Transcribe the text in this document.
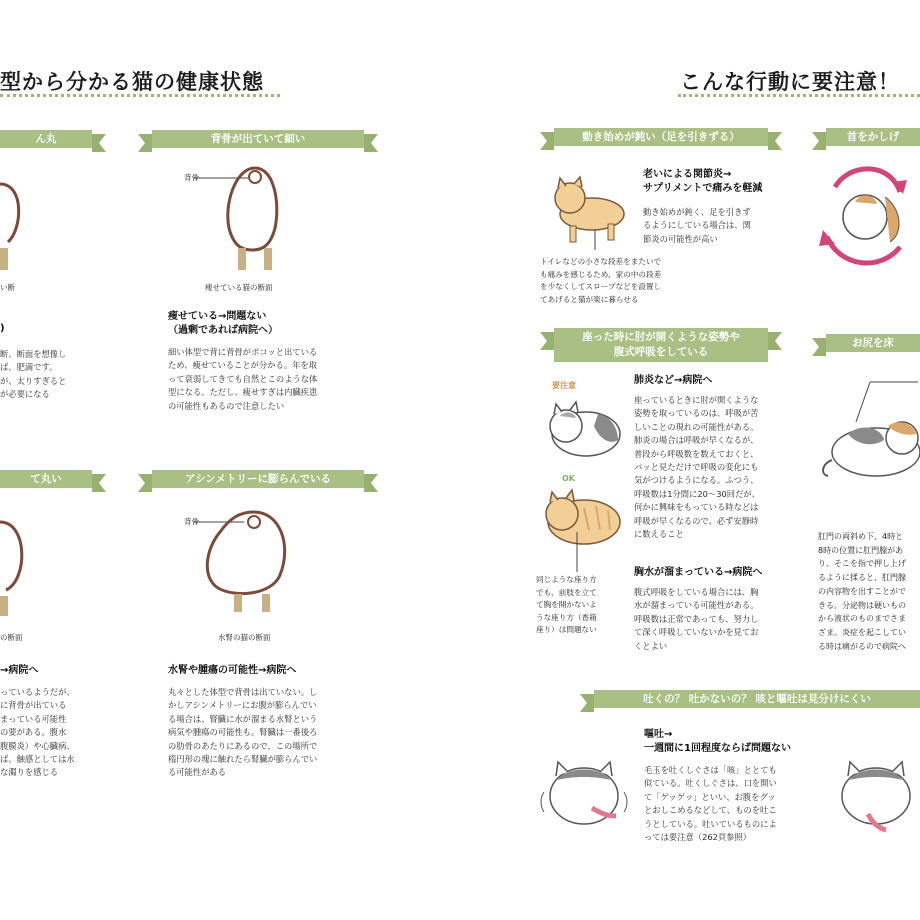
型から分かる猫の健康状態
ん丸
い断
)
断、断面を想像し
ば、肥満です。
が、太りすぎると
が必要になる
背骨が出ていて細い
背骨
痩せている猫の断面
痩せている→問題ない
（過剰であれば病院へ）
細い体型で背に背骨がポコッと出ている
ため、痩せていることが分かる。年を取
って衰弱してきても自然とこのような体
型になる。ただし、痩せすぎは内臓疾患
の可能性もあるので注意したい
て丸い
の断面
→病院へ
っているようだが、
に背骨が出ている
まっている可能性
の要がある。腹水
腹膜炎）や心臓病、
ば、触感としては水
な濁りを感じる
アシンメトリーに膨らんでいる
背骨
水腎の猫の断面
水腎や腫瘍の可能性→病院へ
丸々とした体型で背骨は出ていない。し
かしアシンメトリーにお腹が膨らんでい
る場合は、腎臓に水が溜まる水腎という
病気や腫瘍の可能性も。腎臓は一番後ろ
の肋骨のあたりにあるので、この場所で
楕円形の塊に触れたら腎臓が膨らんでい
る可能性がある
こんな行動に要注意！
動き始めが鈍い（足を引きずる）
老いによる関節炎→
サプリメントで痛みを軽減
動き始めが鈍く、足を引きず
るようにしている場合は、関
節炎の可能性が高い
トイレなどの小さな段差をまたいで
も痛みを感じるため、家の中の段差
を少なくしてスロープなどを設置し
てあげると猫が楽に暮らせる
首をかしげ
座った時に肘が開くような姿勢や
腹式呼吸をしている
要注意
OK
肺炎など→病院へ
座っているときに肘が開くような
姿勢を取っているのは、呼吸が苦
しいことの現れの可能性がある。
肺炎の場合は呼吸が早くなるが、
普段から呼吸数を数えておくと、
パッと見ただけで呼吸の変化にも
気がつけるようになる。ふつう、
呼吸数は1分間に20〜30回だが、
何かに興味をもっている時などは
呼吸が早くなるので、必ず安静時
に数えること
胸水が溜まっている→病院へ
腹式呼吸をしている場合には、胸
水が溜まっている可能性がある。
呼吸数は正常であっても、努力し
て深く呼吸していないかを見てお
くとよい
同じような座り方
でも、前肢を立て
て胸を開かないよ
うな座り方（香箱
座り）は問題ない
お尻を床
肛門の両斜め下、4時と
8時の位置に肛門腺があ
り、そこを指で押し上げ
るように揉ると、肛門腺
の内容物を出すことがで
きる。分泌物は硬いもの
から液状のものまでさま
ざま。炎症を起こしてい
る時は痛がるので病院へ
吐くの？ 吐かないの？ 咳と嘔吐は見分けにくい
嘔吐→
一週間に1回程度ならば問題ない
毛玉を吐くしぐさは「咳」ととても
似ている。吐くしぐさは、口を開い
て「ゲッゲッ」といい、お腹をグッ
とおしこめるなどして、ものを吐こ
うとしている。吐いているものによ
っては要注意（262頁参照）
